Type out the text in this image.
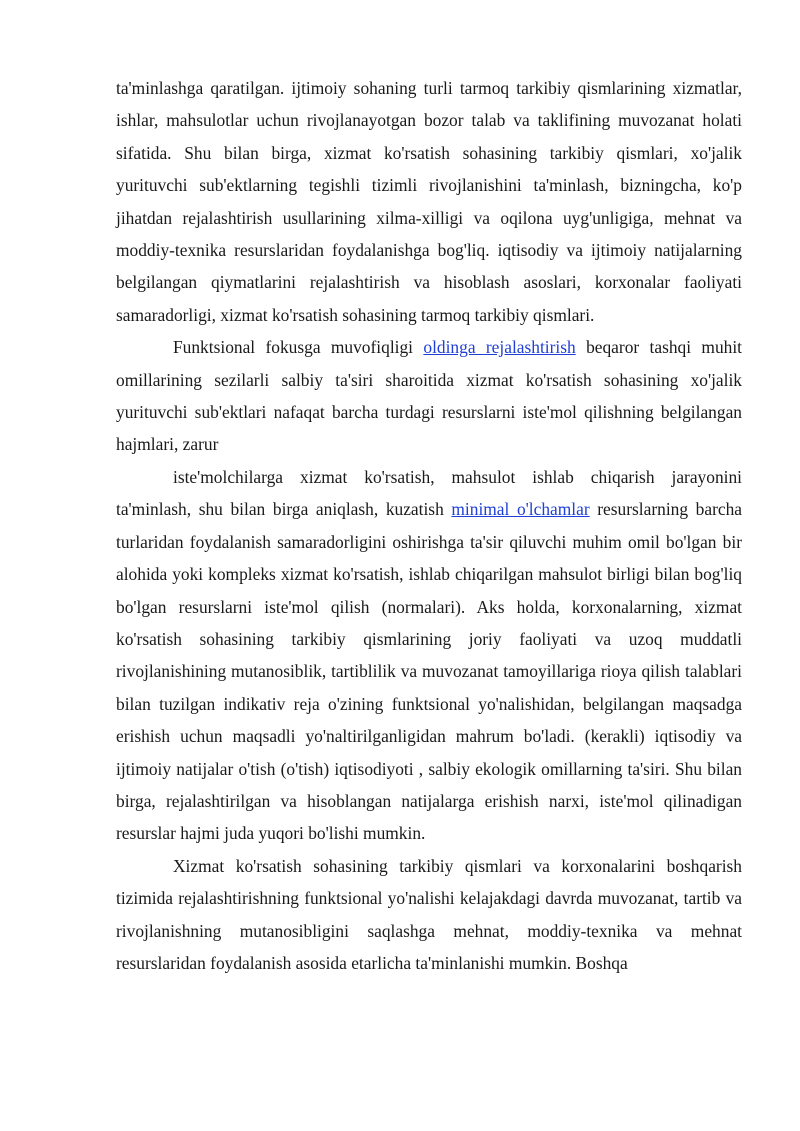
ta'minlashga qaratilgan. ijtimoiy sohaning turli tarmoq tarkibiy qismlarining xizmatlar, ishlar, mahsulotlar uchun rivojlanayotgan bozor talab va taklifining muvozanat holati sifatida. Shu bilan birga, xizmat ko'rsatish sohasining tarkibiy qismlari, xo'jalik yurituvchi sub'ektlarning tegishli tizimli rivojlanishini ta'minlash, bizningcha, ko'p jihatdan rejalashtirish usullarining xilma-xilligi va oqilona uyg'unligiga, mehnat va moddiy-texnika resurslaridan foydalanishga bog'liq. iqtisodiy va ijtimoiy natijalarning belgilangan qiymatlarini rejalashtirish va hisoblash asoslari, korxonalar faoliyati samaradorligi, xizmat ko'rsatish sohasining tarmoq tarkibiy qismlari.

Funktsional fokusga muvofiqligi oldinga rejalashtirish beqaror tashqi muhit omillarining sezilarli salbiy ta'siri sharoitida xizmat ko'rsatish sohasining xo'jalik yurituvchi sub'ektlari nafaqat barcha turdagi resurslarni iste'mol qilishning belgilangan hajmlari, zarur

iste'molchilarga xizmat ko'rsatish, mahsulot ishlab chiqarish jarayonini ta'minlash, shu bilan birga aniqlash, kuzatish minimal o'lchamlar resurslarning barcha turlaridan foydalanish samaradorligini oshirishga ta'sir qiluvchi muhim omil bo'lgan bir alohida yoki kompleks xizmat ko'rsatish, ishlab chiqarilgan mahsulot birligi bilan bog'liq bo'lgan resurslarni iste'mol qilish (normalari). Aks holda, korxonalarning, xizmat ko'rsatish sohasining tarkibiy qismlarining joriy faoliyati va uzoq muddatli rivojlanishining mutanosiblik, tartiblilik va muvozanat tamoyillariga rioya qilish talablari bilan tuzilgan indikativ reja o'zining funktsional yo'nalishidan, belgilangan maqsadga erishish uchun maqsadli yo'naltirilganligidan mahrum bo'ladi. (kerakli) iqtisodiy va ijtimoiy natijalar o'tish (o'tish) iqtisodiyoti , salbiy ekologik omillarning ta'siri. Shu bilan birga, rejalashtirilgan va hisoblangan natijalarga erishish narxi, iste'mol qilinadigan resurslar hajmi juda yuqori bo'lishi mumkin.

Xizmat ko'rsatish sohasining tarkibiy qismlari va korxonalarini boshqarish tizimida rejalashtirishning funktsional yo'nalishi kelajakdagi davrda muvozanat, tartib va rivojlanishning mutanosibligini saqlashga mehnat, moddiy-texnika va mehnat resurslaridan foydalanish asosida etarlicha ta'minlanishi mumkin. Boshqa
